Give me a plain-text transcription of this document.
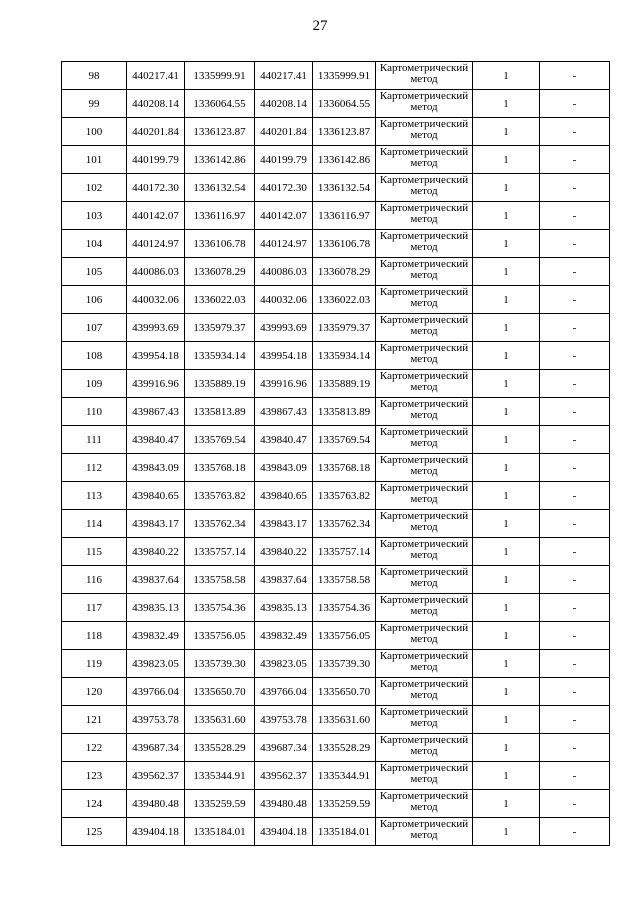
27
98	440217.41	1335999.91	440217.41	1335999.91	Картометрический метод	1	-
99	440208.14	1336064.55	440208.14	1336064.55	Картометрический метод	1	-
100	440201.84	1336123.87	440201.84	1336123.87	Картометрический метод	1	-
101	440199.79	1336142.86	440199.79	1336142.86	Картометрический метод	1	-
102	440172.30	1336132.54	440172.30	1336132.54	Картометрический метод	1	-
103	440142.07	1336116.97	440142.07	1336116.97	Картометрический метод	1	-
104	440124.97	1336106.78	440124.97	1336106.78	Картометрический метод	1	-
105	440086.03	1336078.29	440086.03	1336078.29	Картометрический метод	1	-
106	440032.06	1336022.03	440032.06	1336022.03	Картометрический метод	1	-
107	439993.69	1335979.37	439993.69	1335979.37	Картометрический метод	1	-
108	439954.18	1335934.14	439954.18	1335934.14	Картометрический метод	1	-
109	439916.96	1335889.19	439916.96	1335889.19	Картометрический метод	1	-
110	439867.43	1335813.89	439867.43	1335813.89	Картометрический метод	1	-
111	439840.47	1335769.54	439840.47	1335769.54	Картометрический метод	1	-
112	439843.09	1335768.18	439843.09	1335768.18	Картометрический метод	1	-
113	439840.65	1335763.82	439840.65	1335763.82	Картометрический метод	1	-
114	439843.17	1335762.34	439843.17	1335762.34	Картометрический метод	1	-
115	439840.22	1335757.14	439840.22	1335757.14	Картометрический метод	1	-
116	439837.64	1335758.58	439837.64	1335758.58	Картометрический метод	1	-
117	439835.13	1335754.36	439835.13	1335754.36	Картометрический метод	1	-
118	439832.49	1335756.05	439832.49	1335756.05	Картометрический метод	1	-
119	439823.05	1335739.30	439823.05	1335739.30	Картометрический метод	1	-
120	439766.04	1335650.70	439766.04	1335650.70	Картометрический метод	1	-
121	439753.78	1335631.60	439753.78	1335631.60	Картометрический метод	1	-
122	439687.34	1335528.29	439687.34	1335528.29	Картометрический метод	1	-
123	439562.37	1335344.91	439562.37	1335344.91	Картометрический метод	1	-
124	439480.48	1335259.59	439480.48	1335259.59	Картометрический метод	1	-
125	439404.18	1335184.01	439404.18	1335184.01	Картометрический метод	1	-
